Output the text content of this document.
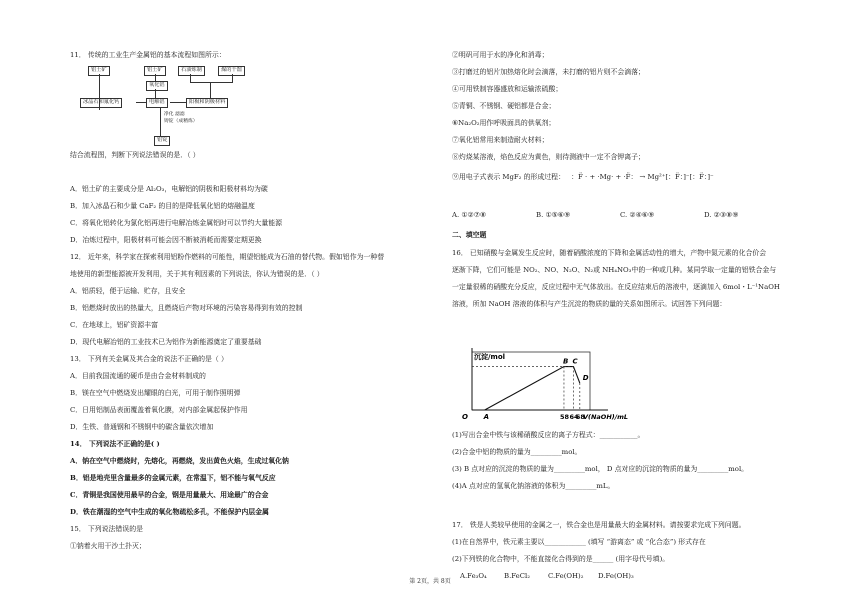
11． 传统的工业生产金属铝的基本流程如图所示：
铝土矿	铝土矿	石油炼制	煤的干馏
氧化铝
冰晶石和氟化钙	电解铝	阳极和阴极材料
净化 滤滤
铸锭（成精炼）
铝锭
结合流程图，判断下列说法错误的是．（ ）
A．铝土矿的主要成分是 Al₂O₃，电解铝的阴极和阳极材料均为碳
B．加入冰晶石和少量 CaF₂ 的目的是降低氧化铝的熔融温度
C．将氧化铝转化为氯化铝再进行电解冶炼金属铝时可以节约大量能源
D．冶炼过程中，阳极材料可能会因不断被消耗而需要定期更换
12． 近年来，科学家在探索利用铝粉作燃料的可能性，期望铝能成为石油的替代物。假如铝作为一种替
地使用的新型能源被开发利用，关于其有利因素的下列说法，你认为错误的是．（ ）
A．铝质轻，便于运输、贮存，且安全
B．铝燃烧时放出的热量大，且燃烧后产物对环境的污染容易得到有效的控制
C．在地球上，铝矿资源丰富
D．现代电解冶铝的工业技术已为铝作为新能源奠定了重要基础
13． 下列有关金属及其合金的说法不正确的是（ ）
A．目前我国流通的硬币是由合金材料制成的
B．镁在空气中燃烧发出耀眼的白光，可用于制作照明弹
C．日用铝制品表面覆盖着氧化膜，对内部金属起保护作用
D．生铁、普通钢和不锈钢中的碳含量依次增加
14． 下列说法不正确的是( )
A．钠在空气中燃烧时，先熔化，再燃烧，发出黄色火焰，生成过氧化钠
B．铝是地壳里含量最多的金属元素，在常温下，铝不能与氧气反应
C．青铜是我国使用最早的合金，钢是用量最大、用途最广的合金
D．铁在潮湿的空气中生成的氧化物疏松多孔，不能保护内层金属
15． 下列说法错误的是
①钠着火用干沙土扑灭；
②明矾可用于水的净化和消毒；
③打磨过的铝片加热熔化时会滴落，未打磨的铝片则不会滴落；
④可用铁制容器盛放和运输浓硫酸；
⑤青铜、不锈钢、硬铝都是合金；
⑥Na₂O₂用作呼吸面具的供氧剂；
⑦氧化铝常用来制造耐火材料；
⑧灼烧某溶液，焰色反应为黄色，则待测液中一定不含钾离子；
⑨用电子式表示 MgF₂ 的形成过程： ：F̈ · + ·Mg· + ·F̈： → Mg²⁺[：F̈：]⁻[：F̈：]⁻
A. ①②⑦⑧	B. ①⑤⑥⑨	C. ②④⑥⑨	D. ②③⑧⑨
二、填空题
16． 已知硝酸与金属发生反应时，随着硝酸浓度的下降和金属活动性的增大，产物中氮元素的化合价会
逐渐下降，它们可能是 NO₂、NO、N₂O、N₂或 NH₄NO₃中的一种或几种。某同学取一定量的铝铁合金与
一定量很稀的硝酸充分反应，反应过程中无气体放出。在反应结束后的溶液中，逐滴加入 6mol・L⁻¹NaOH
溶液，所加 NaOH 溶液的体积与产生沉淀的物质的量的关系如图所示。试回答下列问题：
沉淀/mol
O	V(NaOH)/mL
A
B C
D
58 64
68
(1)写出合金中铁与该稀硝酸反应的离子方程式：___________。
(2)合金中铝的物质的量为_________mol。
(3) B 点对应的沉淀的物质的量为_________mol， D 点对应的沉淀的物质的量为_________mol。
(4)A 点对应的氢氧化钠溶液的体积为_________mL。
17． 铁是人类较早使用的金属之一，铁合金也是用量最大的金属材料。请按要求完成下列问题。
(1)在自然界中，铁元素主要以____________ (填写 “游离态” 或 “化合态”) 形式存在
(2)下列铁的化合物中，不能直接化合得到的是______ (用字母代号填)。
A.Fe₃O₄ B.FeCl₂	C.Fe(OH)₂ D.Fe(OH)₃
第 2页，共 8页
